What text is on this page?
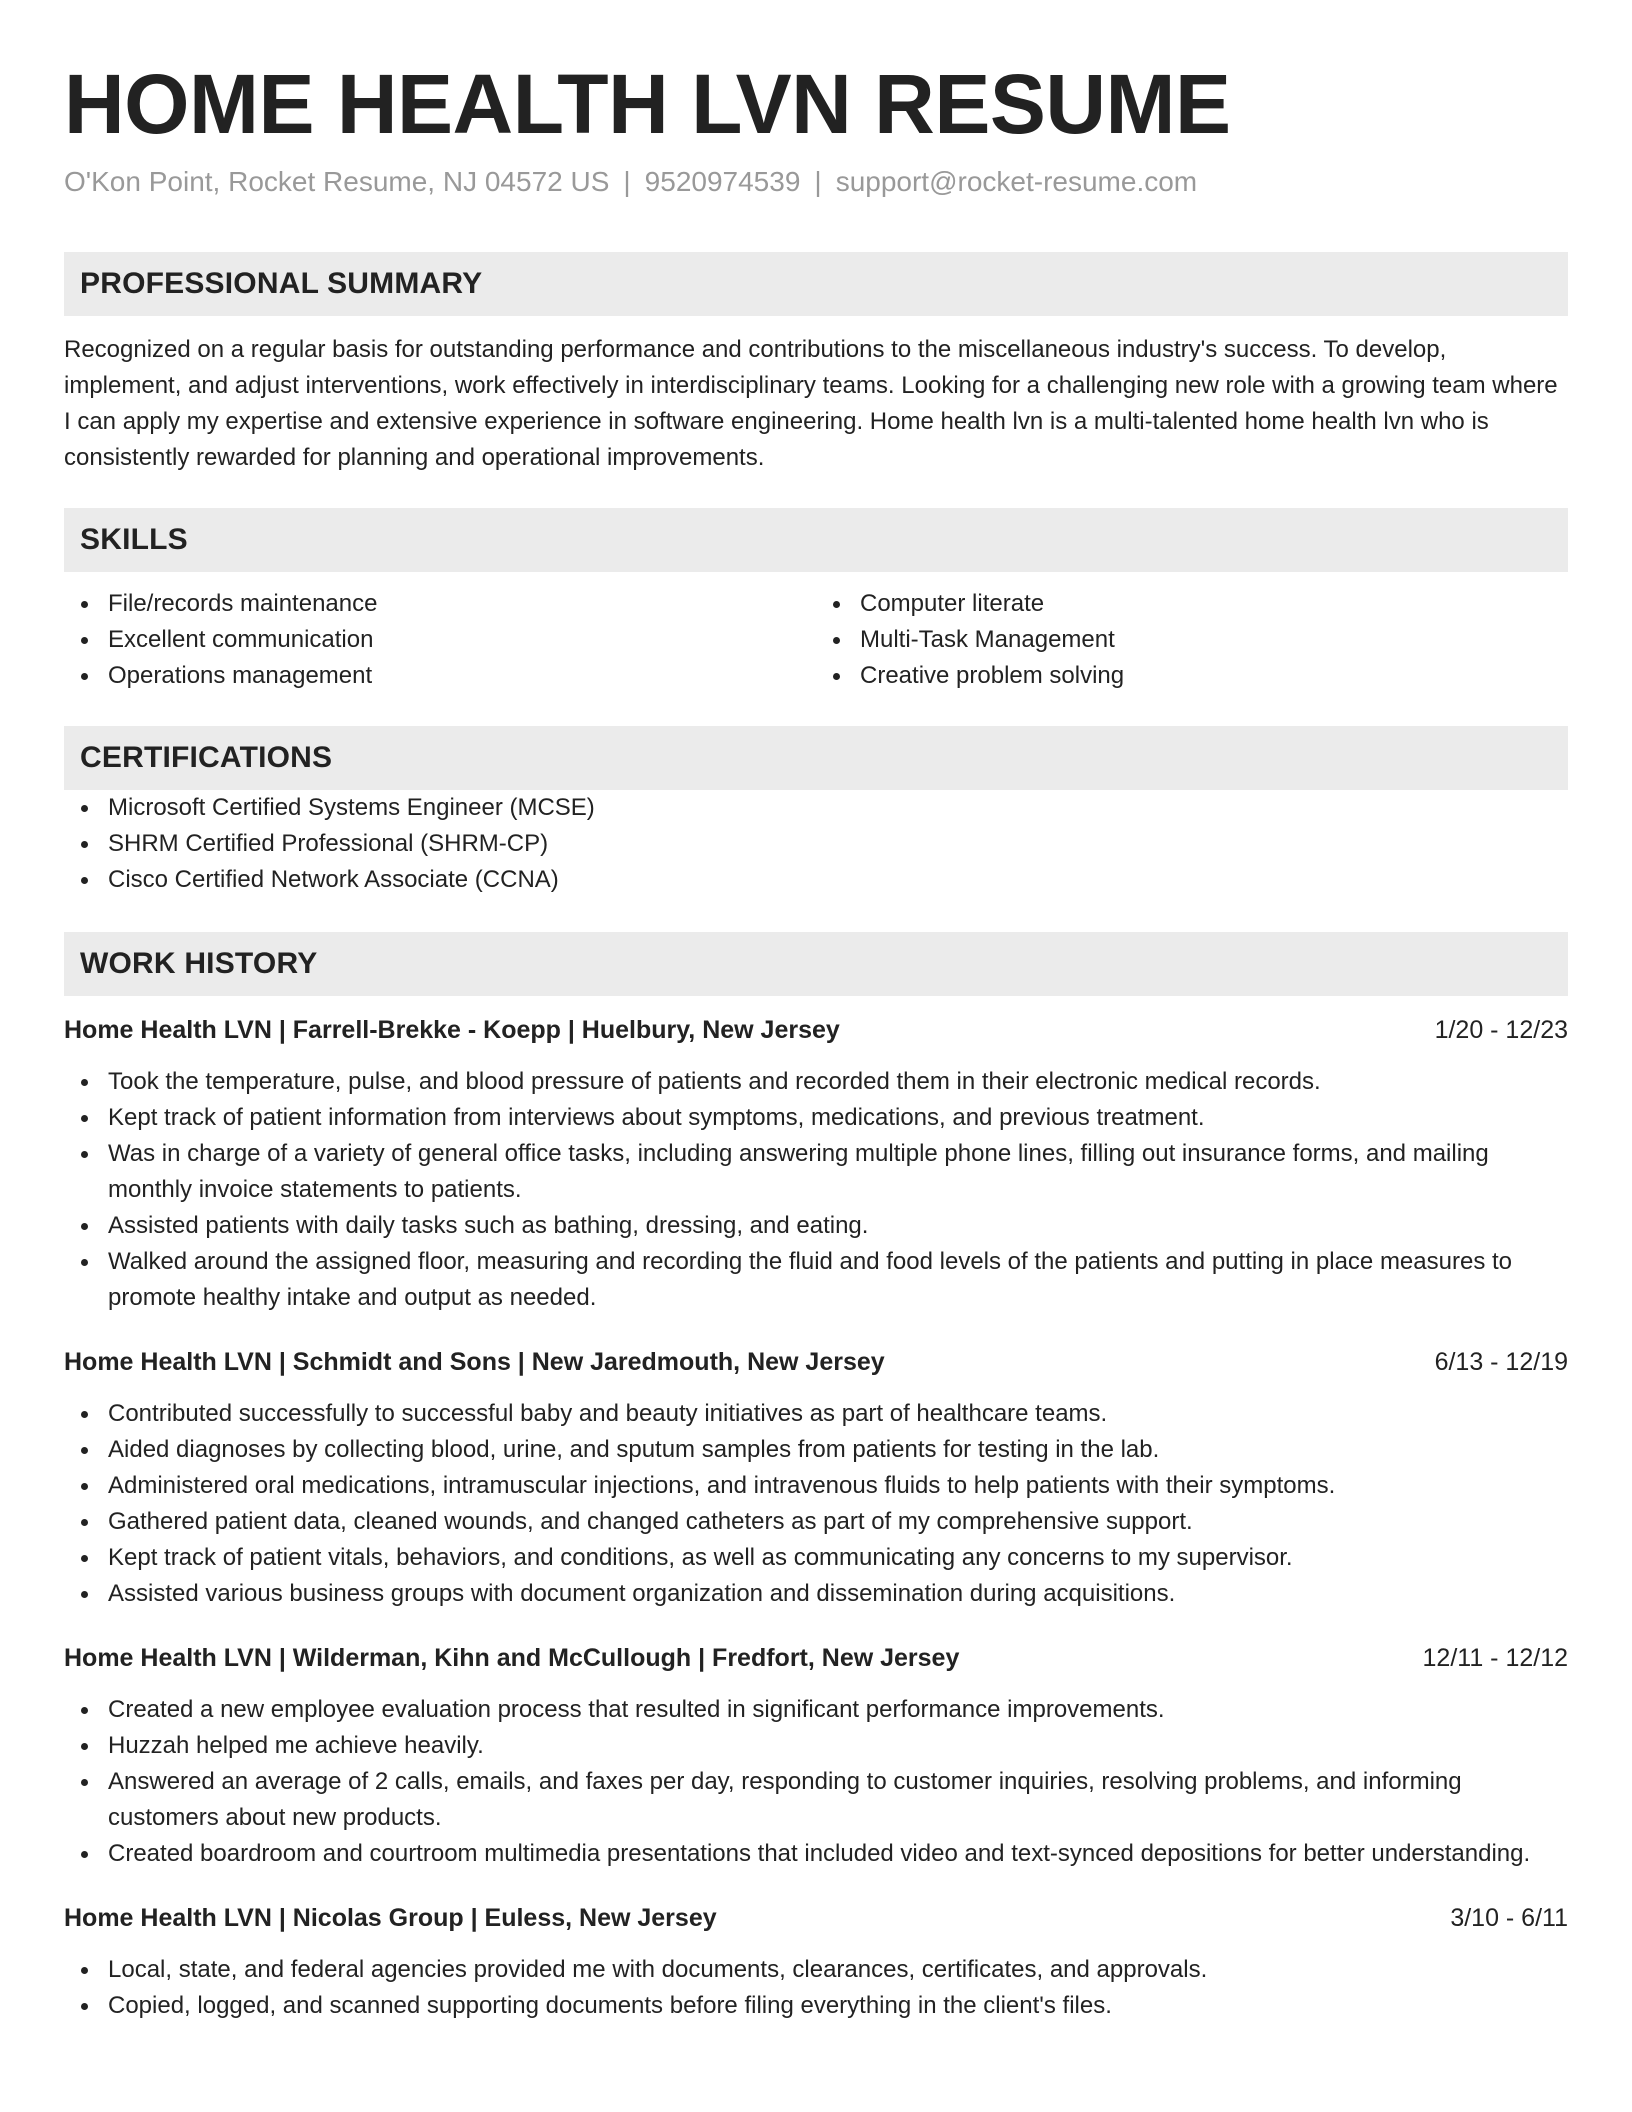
HOME HEALTH LVN RESUME
O'Kon Point, Rocket Resume, NJ 04572 US | 9520974539 | support@rocket-resume.com
PROFESSIONAL SUMMARY

Recognized on a regular basis for outstanding performance and contributions to the miscellaneous industry's success. To develop, implement, and adjust interventions, work effectively in interdisciplinary teams. Looking for a challenging new role with a growing team where I can apply my expertise and extensive experience in software engineering. Home health lvn is a multi-talented home health lvn who is consistently rewarded for planning and operational improvements.

SKILLS
File/records maintenance
Excellent communication
Operations management
Computer literate
Multi-Task Management
Creative problem solving
CERTIFICATIONS
Microsoft Certified Systems Engineer (MCSE)
SHRM Certified Professional (SHRM-CP)
Cisco Certified Network Associate (CCNA)
WORK HISTORY
Home Health LVN | Farrell-Brekke - Koepp | Huelbury, New Jersey	1/20 - 12/23
Took the temperature, pulse, and blood pressure of patients and recorded them in their electronic medical records.
Kept track of patient information from interviews about symptoms, medications, and previous treatment.
Was in charge of a variety of general office tasks, including answering multiple phone lines, filling out insurance forms, and mailing monthly invoice statements to patients.
Assisted patients with daily tasks such as bathing, dressing, and eating.
Walked around the assigned floor, measuring and recording the fluid and food levels of the patients and putting in place measures to promote healthy intake and output as needed.
Home Health LVN | Schmidt and Sons | New Jaredmouth, New Jersey	6/13 - 12/19
Contributed successfully to successful baby and beauty initiatives as part of healthcare teams.
Aided diagnoses by collecting blood, urine, and sputum samples from patients for testing in the lab.
Administered oral medications, intramuscular injections, and intravenous fluids to help patients with their symptoms.
Gathered patient data, cleaned wounds, and changed catheters as part of my comprehensive support.
Kept track of patient vitals, behaviors, and conditions, as well as communicating any concerns to my supervisor.
Assisted various business groups with document organization and dissemination during acquisitions.
Home Health LVN | Wilderman, Kihn and McCullough | Fredfort, New Jersey	12/11 - 12/12
Created a new employee evaluation process that resulted in significant performance improvements.
Huzzah helped me achieve heavily.
Answered an average of 2 calls, emails, and faxes per day, responding to customer inquiries, resolving problems, and informing customers about new products.
Created boardroom and courtroom multimedia presentations that included video and text-synced depositions for better understanding.
Home Health LVN | Nicolas Group | Euless, New Jersey	3/10 - 6/11
Local, state, and federal agencies provided me with documents, clearances, certificates, and approvals.
Copied, logged, and scanned supporting documents before filing everything in the client's files.
